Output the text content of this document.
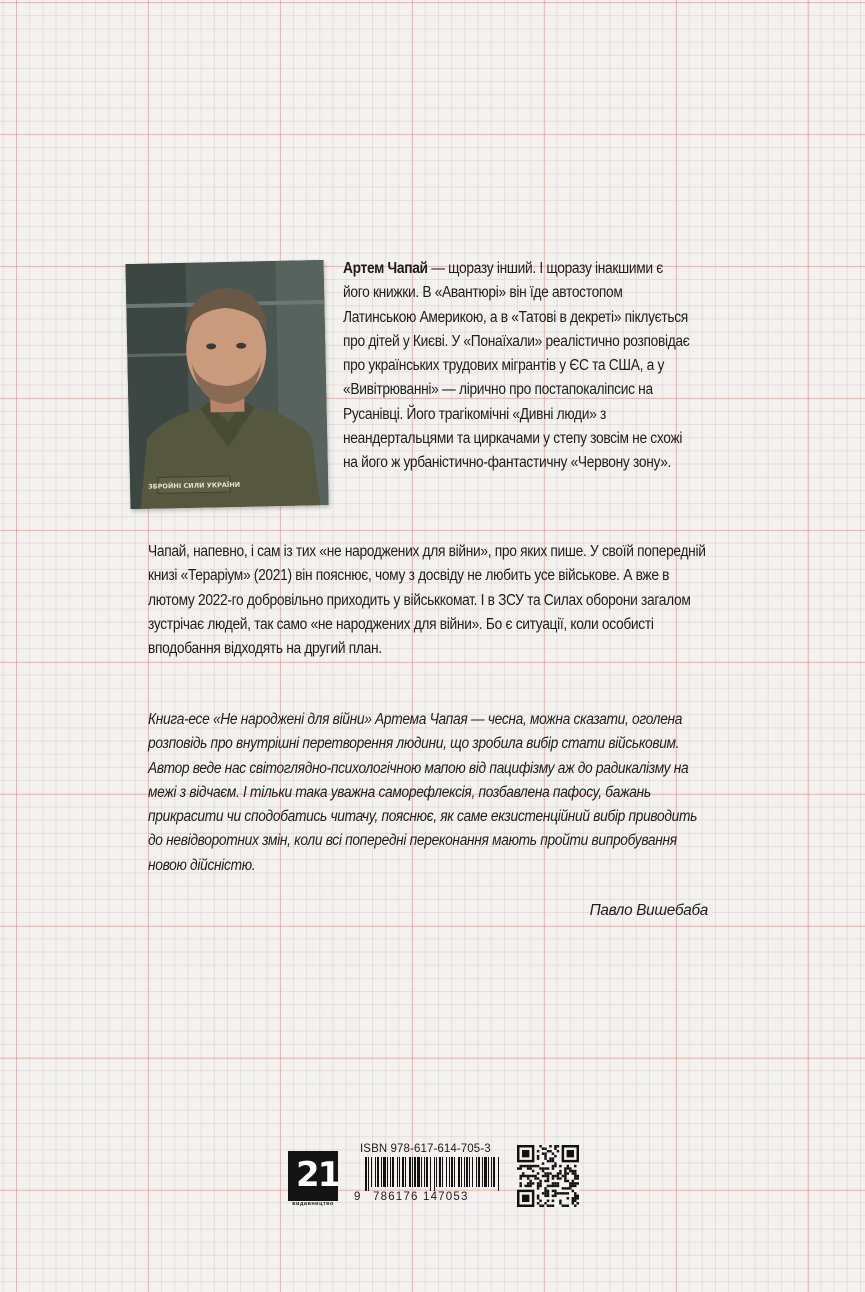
ЗБРОЙНІ СИЛИ УКРАЇНИ

Артем Чапай — щоразу інший. І щоразу інакшими є його книжки. В «Авантюрі» він їде автостопом Латинською Америкою, а в «Татові в декреті» піклується про дітей у Києві. У «Понаїхали» реалістично розповідає про українських трудових мігрантів у ЄС та США, а у «Вивітрюванні» — лірично про постапокаліпсис на Русанівці. Його трагікомічні «Дивні люди» з неандертальцями та циркачами у степу зовсім не схожі на його ж урбаністично-фантастичну «Червону зону».

Чапай, напевно, і сам із тих «не народжених для війни», про яких пише. У своїй попередній книзі «Тераріум» (2021) він пояснює, чому з досвіду не любить усе військове. А вже в лютому 2022-го добровільно приходить у військкомат. І в ЗСУ та Силах оборони загалом зустрічає людей, так само «не народжених для війни». Бо є ситуації, коли особисті вподобання відходять на другий план.

Книга-есе «Не народжені для війни» Артема Чапая — чесна, можна сказати, оголена розповідь про внутрішні перетворення людини, що зробила вибір стати військовим. Автор веде нас світоглядно-психологічною мапою від пацифізму аж до радикалізму на межі з відчаєм. І тільки така уважна саморефлексія, позбавлена пафосу, бажань прикрасити чи сподобатись читачу, пояснює, як саме екзистенційний вибір приводить до невідворотних змін, коли всі попередні переконання мають пройти випробування новою дійсністю.

Павло Вишебаба

21
видавництво
ISBN 978-617-614-705-3
9 786176 147053
